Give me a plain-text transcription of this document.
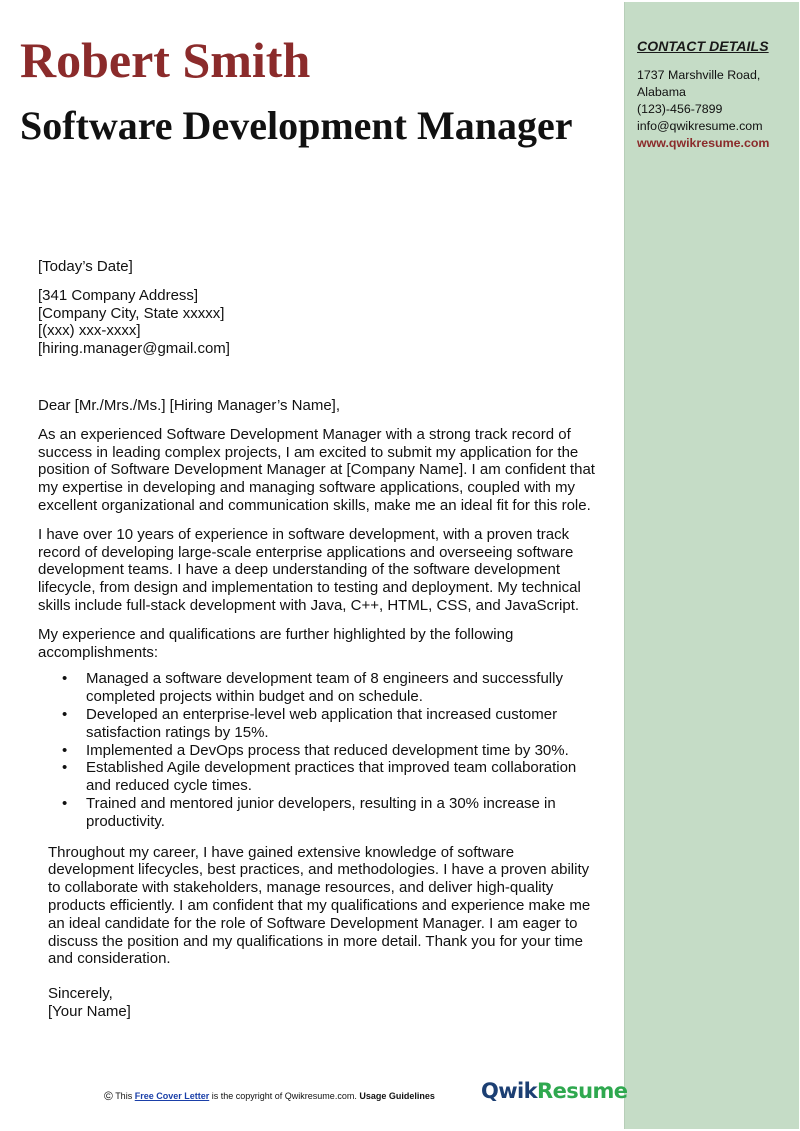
CONTACT DETAILS
1737 Marshville Road, Alabama
(123)-456-7899
info@qwikresume.com
www.qwikresume.com
Robert Smith
Software Development Manager

[Today’s Date]

[341 Company Address]
[Company City, State xxxxx]
[(xxx) xxx-xxxx]
[hiring.manager@gmail.com]

Dear [Mr./Mrs./Ms.] [Hiring Manager’s Name],

As an experienced Software Development Manager with a strong track record of success in leading complex projects, I am excited to submit my application for the position of Software Development Manager at [Company Name]. I am confident that my expertise in developing and managing software applications, coupled with my excellent organizational and communication skills, make me an ideal fit for this role.

I have over 10 years of experience in software development, with a proven track record of developing large-scale enterprise applications and overseeing software development teams. I have a deep understanding of the software development lifecycle, from design and implementation to testing and deployment. My technical skills include full-stack development with Java, C++, HTML, CSS, and JavaScript.

My experience and qualifications are further highlighted by the following accomplishments:

• Managed a software development team of 8 engineers and successfully completed projects within budget and on schedule.
• Developed an enterprise-level web application that increased customer satisfaction ratings by 15%.
• Implemented a DevOps process that reduced development time by 30%.
• Established Agile development practices that improved team collaboration and reduced cycle times.
• Trained and mentored junior developers, resulting in a 30% increase in productivity.

Throughout my career, I have gained extensive knowledge of software development lifecycles, best practices, and methodologies. I have a proven ability to collaborate with stakeholders, manage resources, and deliver high-quality products efficiently. I am confident that my qualifications and experience make me an ideal candidate for the role of Software Development Manager. I am eager to discuss the position and my qualifications in more detail. Thank you for your time and consideration.

Sincerely,
[Your Name]

© This Free Cover Letter is the copyright of Qwikresume.com. Usage Guidelines QwikResume
